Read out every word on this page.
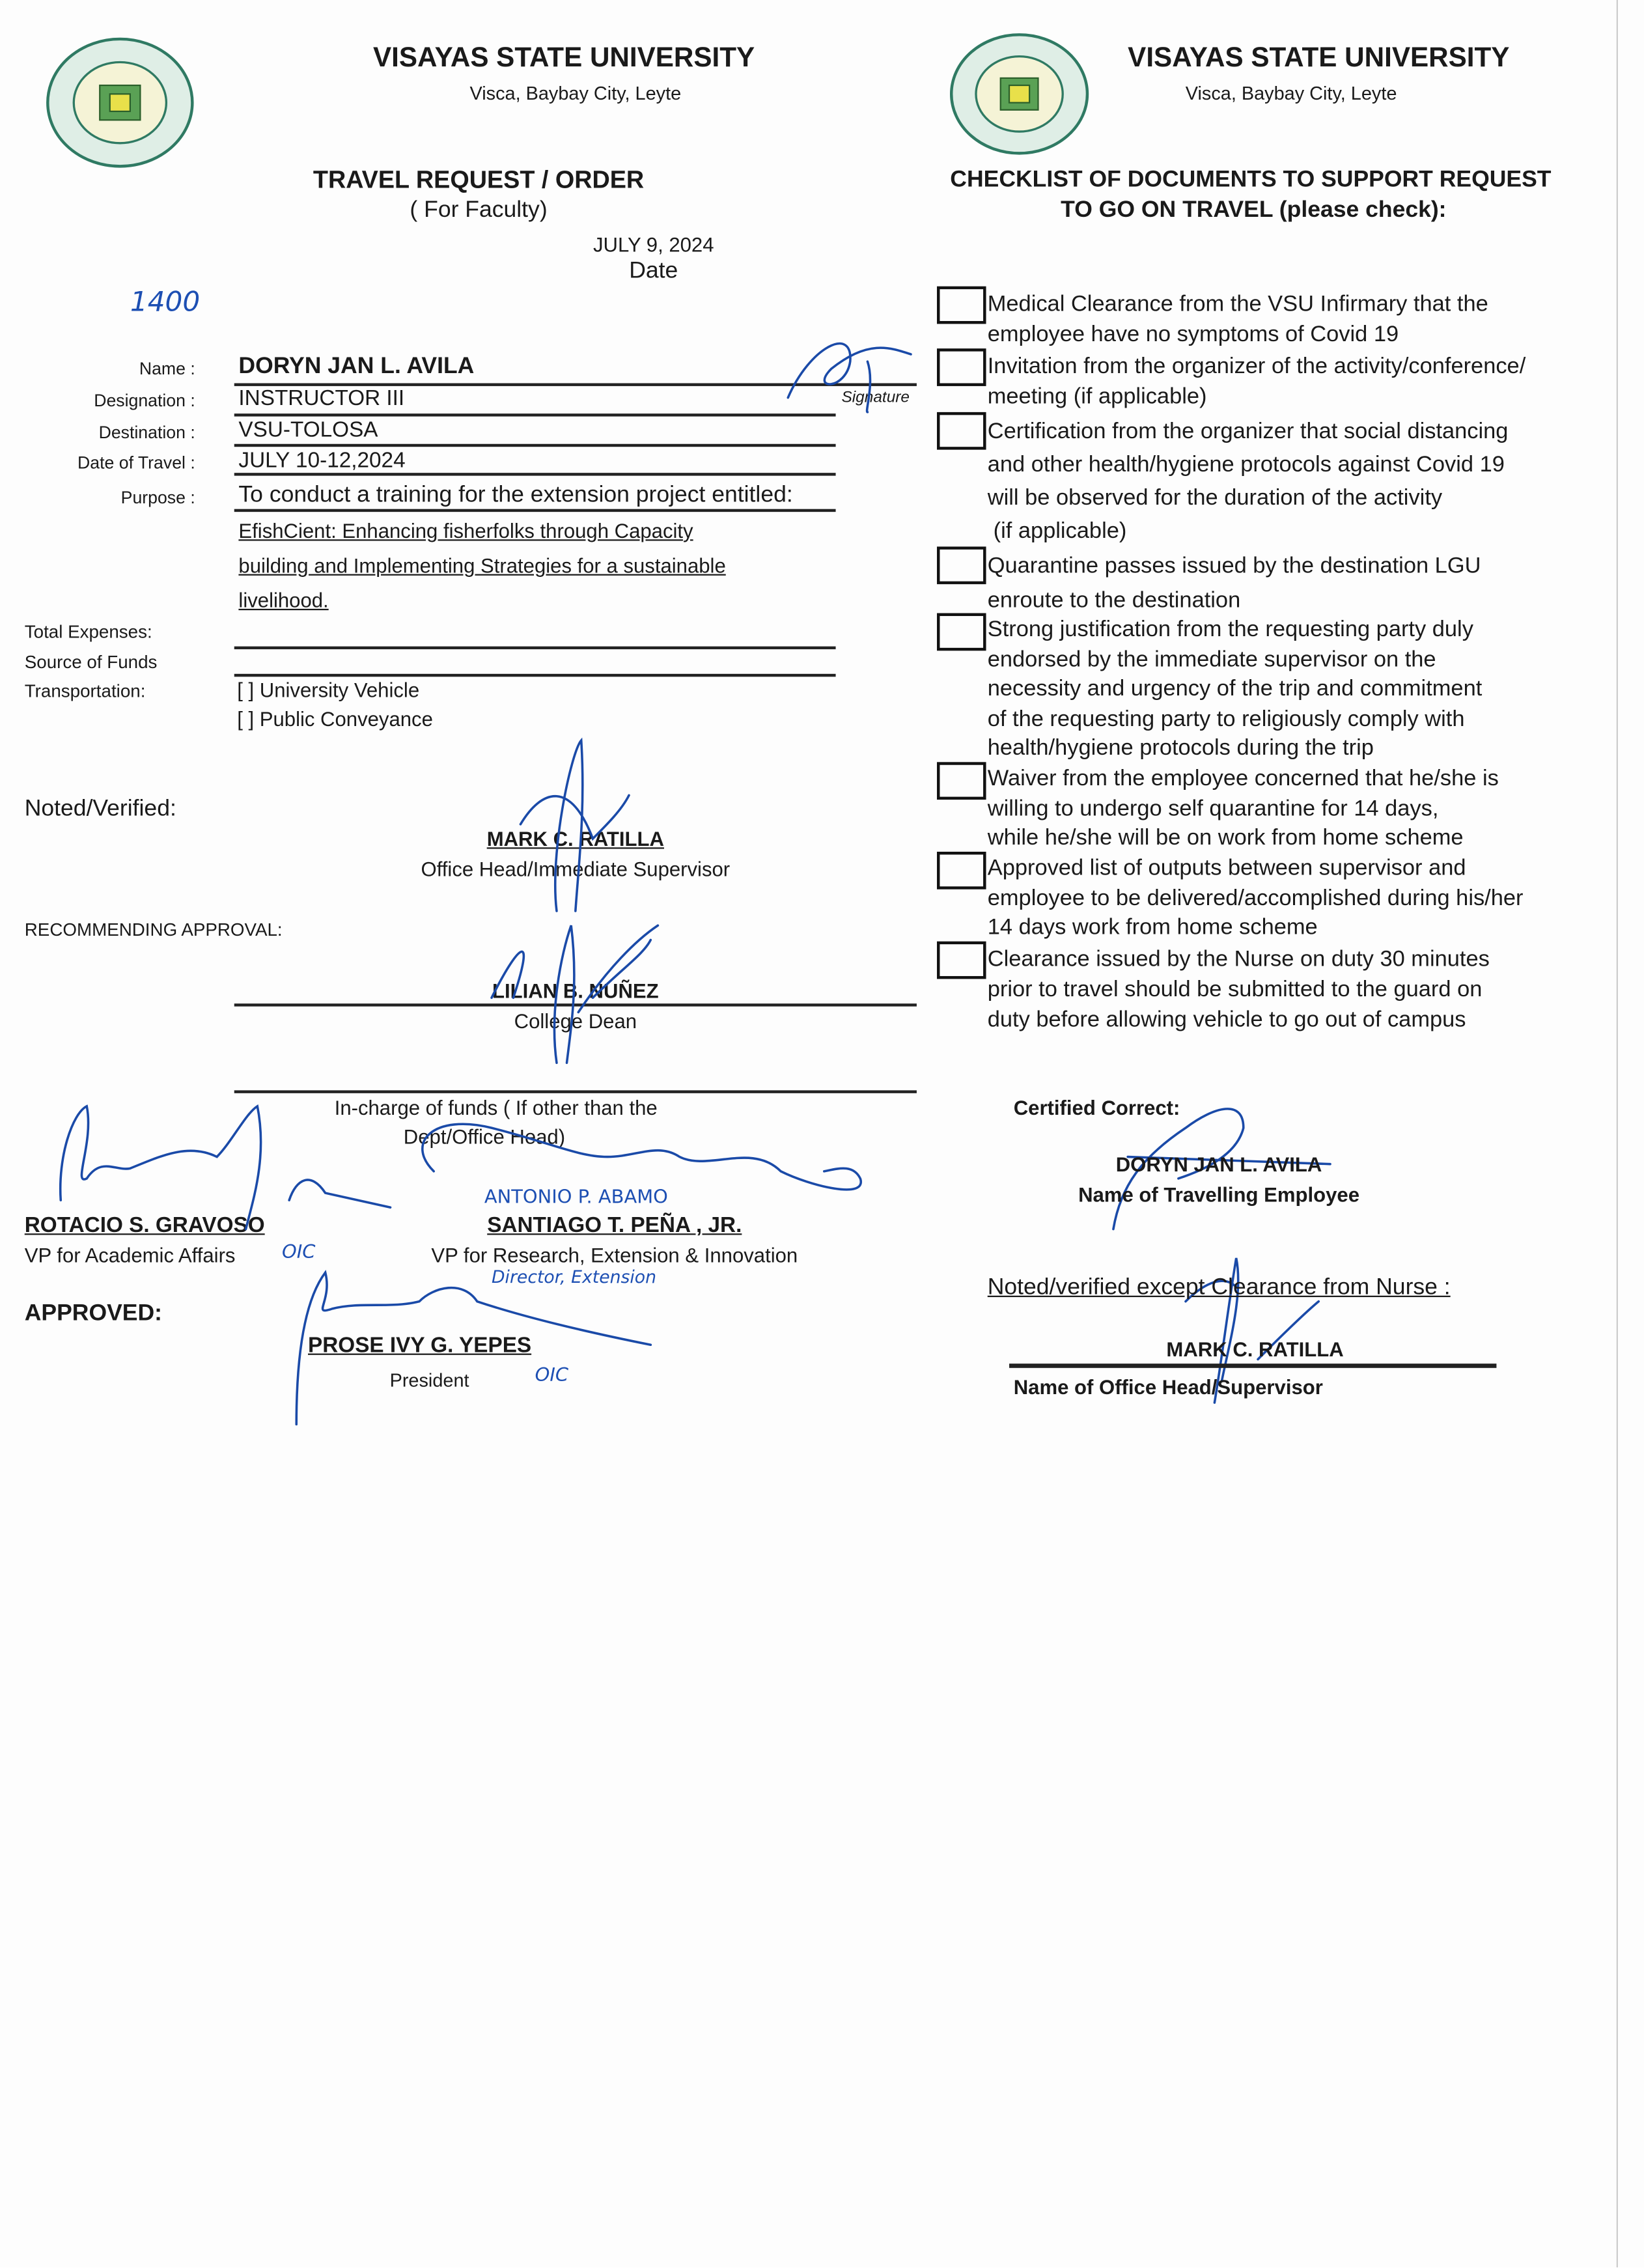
VISAYAS STATE UNIVERSITY
Visca, Baybay City, Leyte
VISAYAS STATE UNIVERSITY
Visca, Baybay City, Leyte
TRAVEL REQUEST / ORDER
( For Faculty)
JULY 9, 2024
Date
1400
Name :	DORYN JAN L. AVILA
Signature
Designation :	INSTRUCTOR III
Destination :	VSU-TOLOSA
Date of Travel :	JULY 10-12,2024
Purpose :	To conduct a training for the extension project entitled:
EfishCient: Enhancing fisherfolks through Capacity
building and Implementing Strategies for a sustainable
livelihood.
Total Expenses:
Source of Funds
Transportation:	[ ] University Vehicle
[ ] Public Conveyance
Noted/Verified:
MARK C. RATILLA
Office Head/Immediate Supervisor
RECOMMENDING APPROVAL:
LILIAN B. NUÑEZ
College Dean
In-charge of funds ( If other than the
Dept/Office Head)
ROTACIO S. GRAVOSO
VP for Academic Affairs
SANTIAGO T. PEÑA , JR.
VP for Research, Extension & Innovation
ANTONIO P. ABAMO
Director, Extension
OIC
OIC
APPROVED:
PROSE IVY G. YEPES
President
CHECKLIST OF DOCUMENTS TO SUPPORT REQUEST
TO GO ON TRAVEL (please check):
Medical Clearance from the VSU Infirmary that the
employee have no symptoms of Covid 19
Invitation from the organizer of the activity/conference/
meeting (if applicable)
Certification from the organizer that social distancing
and other health/hygiene protocols against Covid 19
will be observed for the duration of the activity
(if applicable)
Quarantine passes issued by the destination LGU
enroute to the destination
Strong justification from the requesting party duly
endorsed by the immediate supervisor on the
necessity and urgency of the trip and commitment
of the requesting party to religiously comply with
health/hygiene protocols during the trip
Waiver from the employee concerned that he/she is
willing to undergo self quarantine for 14 days,
while he/she will be on work from home scheme
Approved list of outputs between supervisor and
employee to be delivered/accomplished during his/her
14 days work from home scheme
Clearance issued by the Nurse on duty 30 minutes
prior to travel should be submitted to the guard on
duty before allowing vehicle to go out of campus
Certified Correct:
DORYN JAN L. AVILA
Name of Travelling Employee
Noted/verified except Clearance from Nurse :
MARK C. RATILLA
Name of Office Head/Supervisor
